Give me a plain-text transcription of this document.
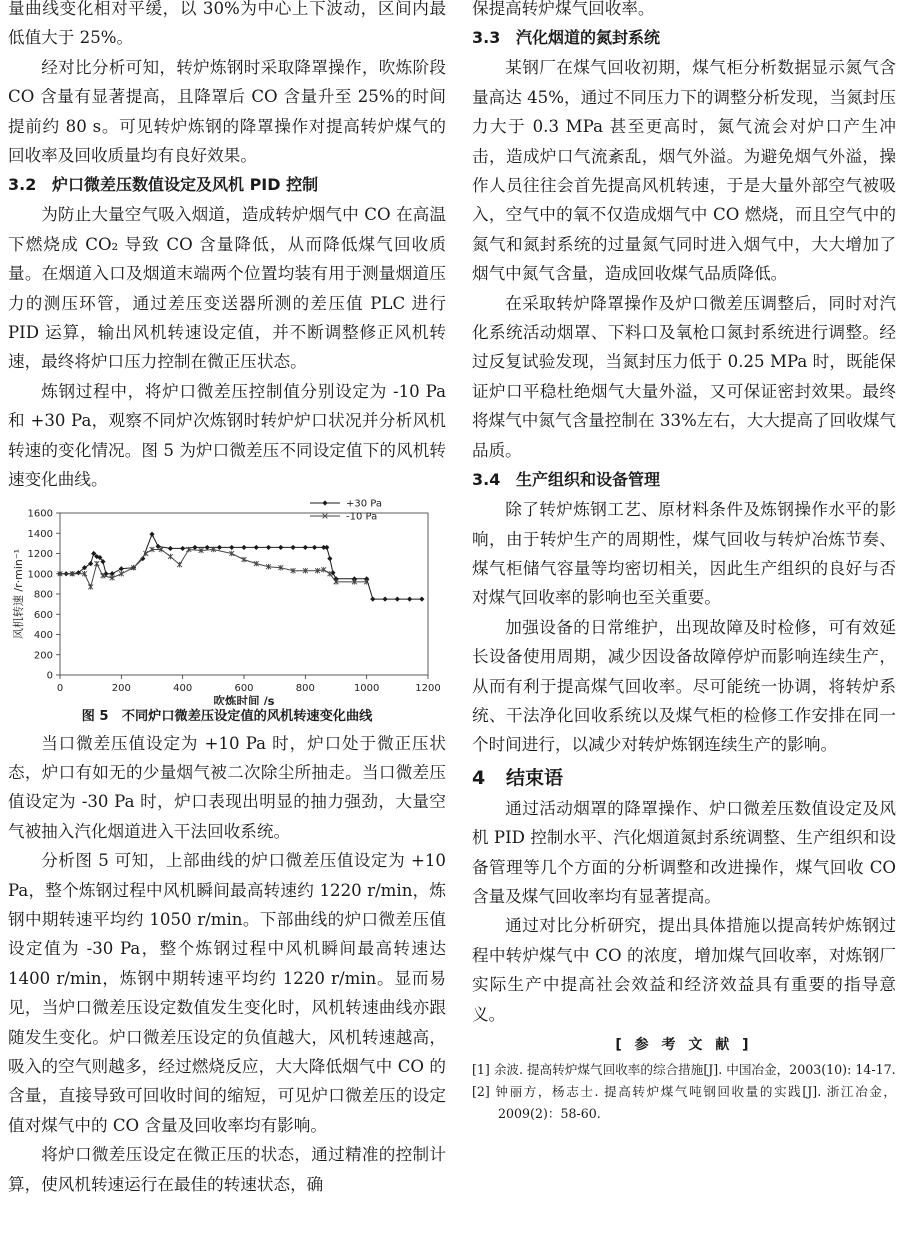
量曲线变化相对平缓，以 30%为中心上下波动，区间内最低值大于 25%。

经对比分析可知，转炉炼钢时采取降罩操作，吹炼阶段 CO 含量有显著提高，且降罩后 CO 含量升至 25%的时间提前约 80 s。可见转炉炼钢的降罩操作对提高转炉煤气的回收率及回收质量均有良好效果。

3.2 炉口微差压数值设定及风机 PID 控制

为防止大量空气吸入烟道，造成转炉烟气中 CO 在高温下燃烧成 CO₂ 导致 CO 含量降低，从而降低煤气回收质量。在烟道入口及烟道末端两个位置均装有用于测量烟道压力的测压环管，通过差压变送器所测的差压值 PLC 进行 PID 运算，输出风机转速设定值，并不断调整修正风机转速，最终将炉口压力控制在微正压状态。

炼钢过程中，将炉口微差压控制值分别设定为 -10 Pa 和 +30 Pa，观察不同炉次炼钢时转炉炉口状况并分析风机转速的变化情况。图 5 为炉口微差压不同设定值下的风机转速变化曲线。

0
200
400
600
800
1000
1200
1400
1600
0	200	400	600	800	1000	1200
吹炼时间 /s
风机转速 /r·min⁻¹
+30 Pa
-10 Pa

图 5　不同炉口微差压设定值的风机转速变化曲线

当口微差压值设定为 +10 Pa 时，炉口处于微正压状态，炉口有如无的少量烟气被二次除尘所抽走。当口微差压值设定为 -30 Pa 时，炉口表现出明显的抽力强劲，大量空气被抽入汽化烟道进入干法回收系统。

分析图 5 可知，上部曲线的炉口微差压值设定为 +10 Pa，整个炼钢过程中风机瞬间最高转速约 1220 r/min，炼钢中期转速平均约 1050 r/min。下部曲线的炉口微差压值设定值为 -30 Pa，整个炼钢过程中风机瞬间最高转速达 1400 r/min，炼钢中期转速平均约 1220 r/min。显而易见，当炉口微差压设定数值发生变化时，风机转速曲线亦跟随发生变化。炉口微差压设定的负值越大，风机转速越高，吸入的空气则越多，经过燃烧反应，大大降低烟气中 CO 的含量，直接导致可回收时间的缩短，可见炉口微差压的设定值对煤气中的 CO 含量及回收率均有影响。

将炉口微差压设定在微正压的状态，通过精准的控制计算，使风机转速运行在最佳的转速状态，确

保提高转炉煤气回收率。

3.3 汽化烟道的氮封系统

某钢厂在煤气回收初期，煤气柜分析数据显示氮气含量高达 45%，通过不同压力下的调整分析发现，当氮封压力大于 0.3 MPa 甚至更高时，氮气流会对炉口产生冲击，造成炉口气流紊乱，烟气外溢。为避免烟气外溢，操作人员往往会首先提高风机转速，于是大量外部空气被吸入，空气中的氧不仅造成烟气中 CO 燃烧，而且空气中的氮气和氮封系统的过量氮气同时进入烟气中，大大增加了烟气中氮气含量，造成回收煤气品质降低。

在采取转炉降罩操作及炉口微差压调整后，同时对汽化系统活动烟罩、下料口及氧枪口氮封系统进行调整。经过反复试验发现，当氮封压力低于 0.25 MPa 时，既能保证炉口平稳杜绝烟气大量外溢，又可保证密封效果。最终将煤气中氮气含量控制在 33%左右，大大提高了回收煤气品质。

3.4 生产组织和设备管理

除了转炉炼钢工艺、原材料条件及炼钢操作水平的影响，由于转炉生产的周期性，煤气回收与转炉冶炼节奏、煤气柜储气容量等均密切相关，因此生产组织的良好与否对煤气回收率的影响也至关重要。

加强设备的日常维护，出现故障及时检修，可有效延长设备使用周期，减少因设备故障停炉而影响连续生产，从而有利于提高煤气回收率。尽可能统一协调，将转炉系统、干法净化回收系统以及煤气柜的检修工作安排在同一个时间进行，以减少对转炉炼钢连续生产的影响。

4 结束语

通过活动烟罩的降罩操作、炉口微差压数值设定及风机 PID 控制水平、汽化烟道氮封系统调整、生产组织和设备管理等几个方面的分析调整和改进操作，煤气回收 CO 含量及煤气回收率均有显著提高。

通过对比分析研究，提出具体措施以提高转炉炼钢过程中转炉煤气中 CO 的浓度，增加煤气回收率，对炼钢厂实际生产中提高社会效益和经济效益具有重要的指导意义。

[ 参 考 文 献 ]

[1] 余波. 提高转炉煤气回收率的综合措施[J]. 中国冶金，2003(10): 14-17.

[2] 钟丽方，杨志士. 提高转炉煤气吨钢回收量的实践[J]. 浙江冶金，2009(2)：58-60.
